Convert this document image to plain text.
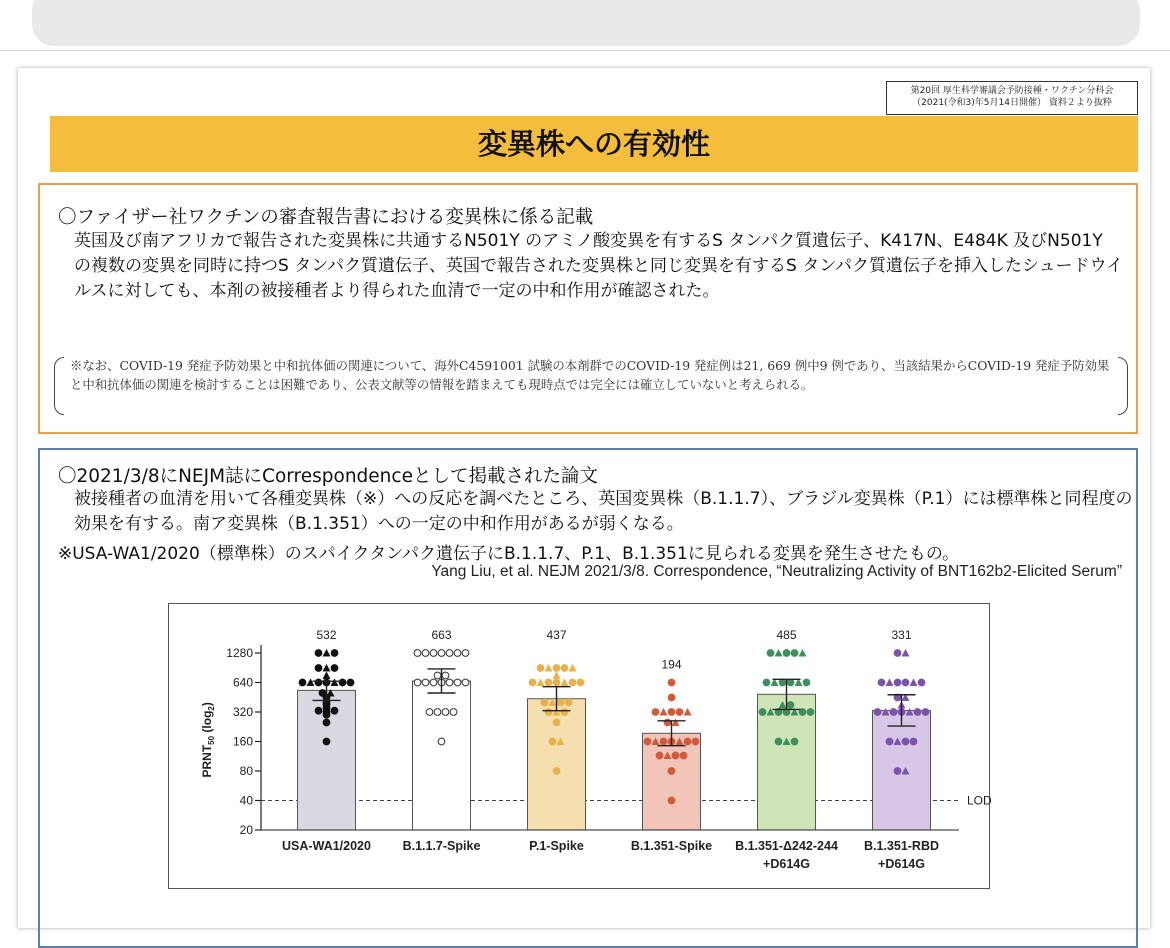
第20回 厚生科学審議会予防接種・ワクチン分科会
（2021(令和3)年5月14日開催） 資料２より抜粋
変異株への有効性
〇ファイザー社ワクチンの審査報告書における変異株に係る記載
英国及び南アフリカで報告された変異株に共通するN501Y のアミノ酸変異を有するS タンパク質遺伝子、K417N、E484K 及びN501Y の複数の変異を同時に持つS タンパク質遺伝子、英国で報告された変異株と同じ変異を有するS タンパク質遺伝子を挿入したシュードウイルスに対しても、本剤の被接種者より得られた血清で一定の中和作用が確認された。
※なお、COVID-19 発症予防効果と中和抗体価の関連について、海外C4591001 試験の本剤群でのCOVID-19 発症例は21, 669 例中9 例であり、当該結果からCOVID-19 発症予防効果と中和抗体価の関連を検討することは困難であり、公表文献等の情報を踏まえても現時点では完全には確立していないと考えられる。
〇2021/3/8にNEJM誌にCorrespondenceとして掲載された論文
被接種者の血清を用いて各種変異株（※）への反応を調べたところ、英国変異株（B.1.1.7）、ブラジル変異株（P.1）には標準株と同程度の効果を有する。南ア変異株（B.1.351）への一定の中和作用があるが弱くなる。
※USA-WA1/2020（標準株）のスパイクタンパク遺伝子にB.1.1.7、P.1、B.1.351に見られる変異を発生させたもの。
Yang Liu, et al. NEJM 2021/3/8. Correspondence, “Neutralizing Activity of BNT162b2-Elicited Serum”
20
40
80
160
320
640
1280
$PRNT_{50}$ $(\log_2)$
LOD
532
USA-WA1/2020
663
B.1.1.7-Spike
437
P.1-Spike
194
B.1.351-Spike
485
B.1.351-Δ242-244
+D614G
331
B.1.351-RBD
+D614G
